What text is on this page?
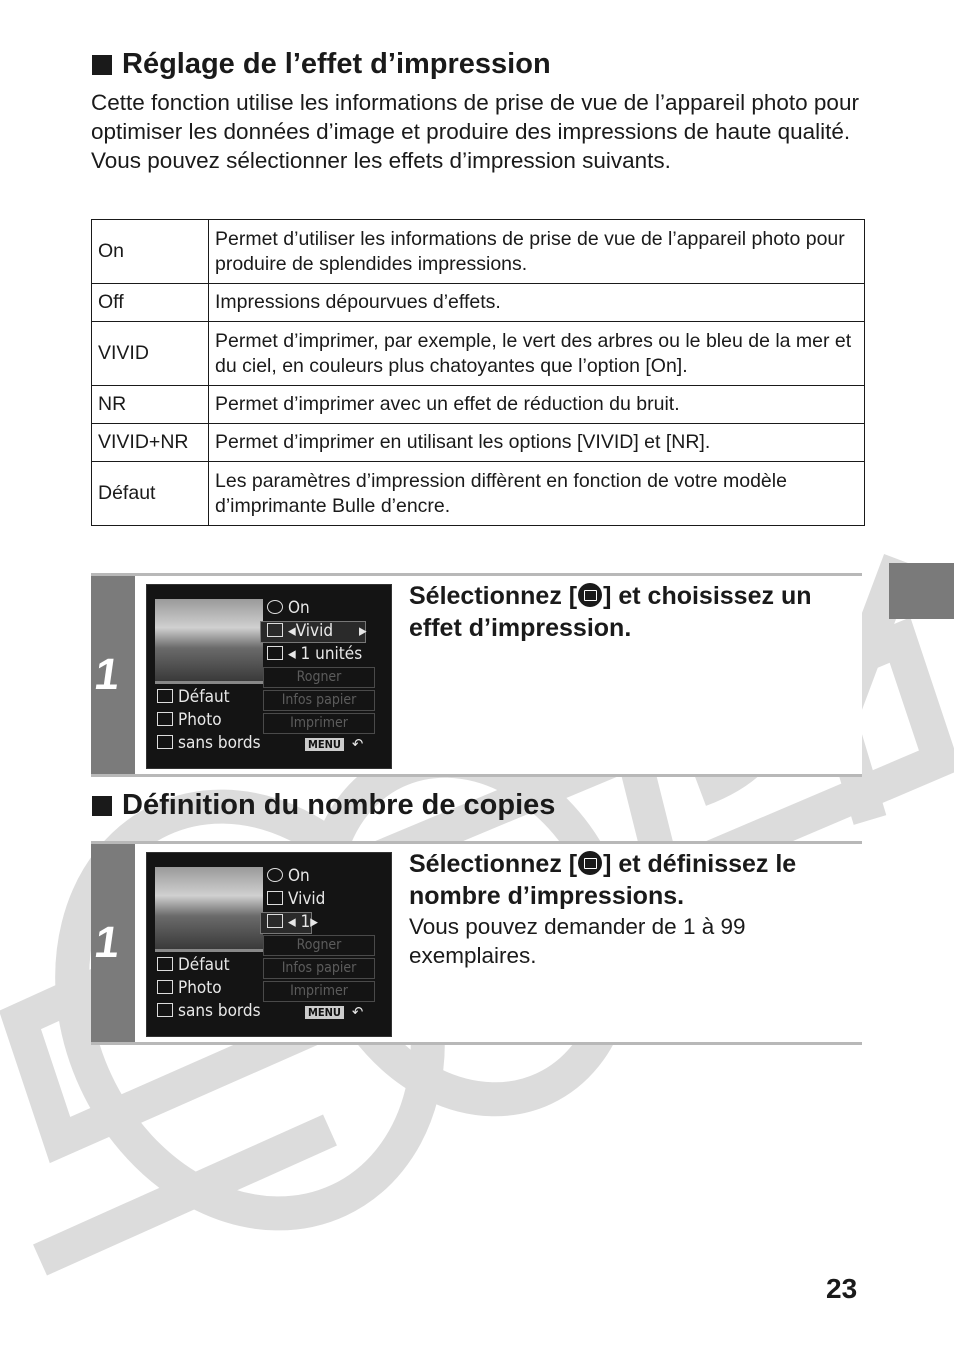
Réglage de l’effet d’impression
Cette fonction utilise les informations de prise de vue de l’appareil photo pour optimiser les données d’image et produire des impressions de haute qualité. Vous pouvez sélectionner les effets d’impression suivants.
On	Permet d’utiliser les informations de prise de vue de l’appareil photo pour produire de splendides impressions.
Off	Impressions dépourvues d’effets.
VIVID	Permet d’imprimer, par exemple, le vert des arbres ou le bleu de la mer et du ciel, en couleurs plus chatoyantes que l’option [On].
NR	Permet d’imprimer avec un effet de réduction du bruit.
VIVID+NR	Permet d’imprimer en utilisant les options [VIVID] et [NR].
Défaut	Les paramètres d’impression diffèrent en fonction de votre modèle d’imprimante Bulle d’encre.
1
On
◂Vivid ▸
◂ 1 unités
Rogner
Infos papier
Imprimer
Défaut
Photo
sans bords	MENU ↶
Sélectionnez [ ] et choisissez un effet d’impression.
Définition du nombre de copies
1
On
Vivid
◂ 1▸
Rogner
Infos papier
Imprimer
Défaut
Photo
sans bords	MENU ↶
Sélectionnez [ ] et définissez le nombre d’impressions.
Vous pouvez demander de 1 à 99 exemplaires.
23
